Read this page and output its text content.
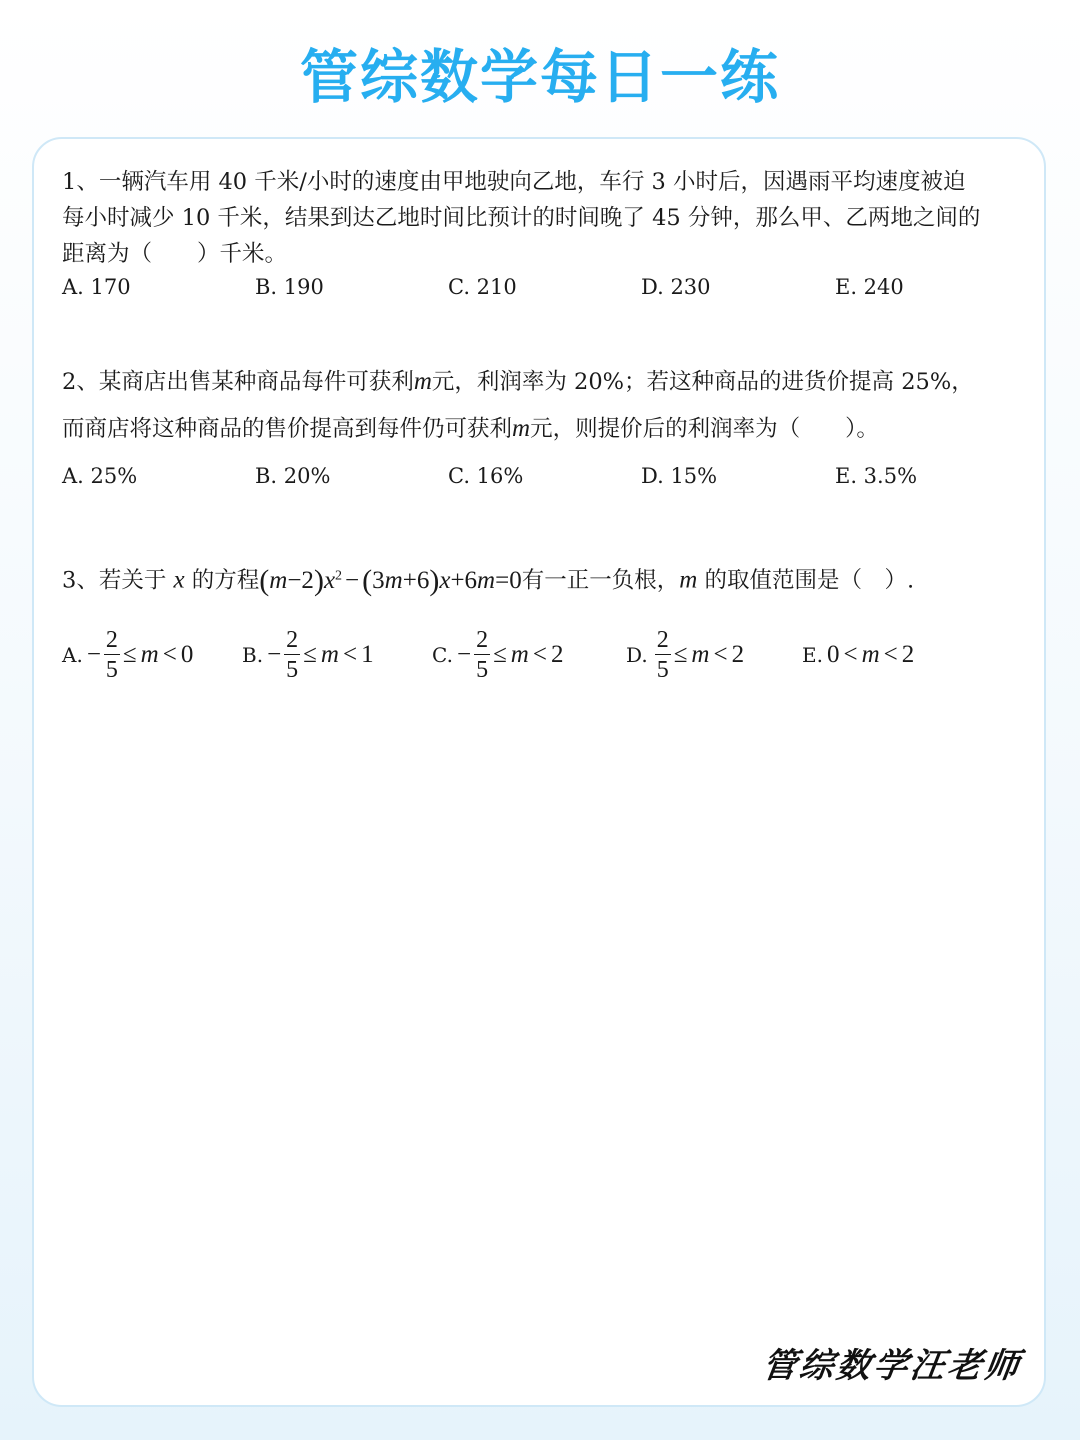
管综数学每日一练
1、一辆汽车用 40 千米/小时的速度由甲地驶向乙地，车行 3 小时后，因遇雨平均速度被迫
每小时减少 10 千米，结果到达乙地时间比预计的时间晚了 45 分钟，那么甲、乙两地之间的
距离为（　　）千米。
A. 170	B. 190	C. 210	D. 230	E. 240
2、某商店出售某种商品每件可获利m元，利润率为 20%；若这种商品的进货价提高 25%，
而商店将这种商品的售价提高到每件仍可获利m元，则提价后的利润率为（　　）。
A. 25%	B. 20%	C. 16%	D. 15%	E. 3.5%
3、若关于 x 的方程$(m-2)x^2 - (3m+6)x+6m=0$有一正一负根，m 的取值范围是（　）.
A. − $\frac{2}{5} \le m < 0$ B. − $\frac{2}{5} \le m < 1$	C. − $\frac{2}{5} \le m < 2$	D. $\frac{2}{5} \le m < 2$	E. 0 < m < 2
管综数学汪老师
